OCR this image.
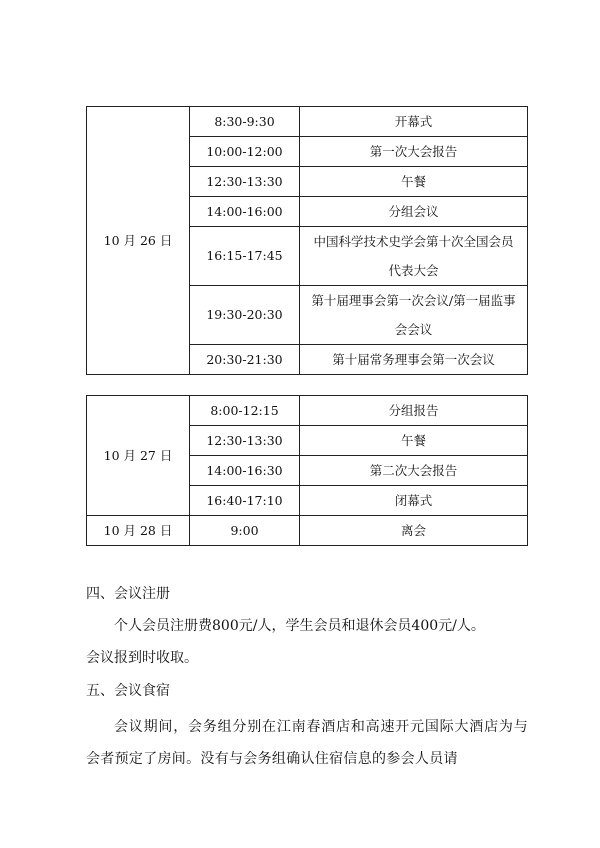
10 月 26 日	8:30-9:30	开幕式
	10:00-12:00	第一次大会报告
	12:30-13:30	午餐
	14:00-16:00	分组会议
	16:15-17:45	中国科学技术史学会第十次全国会员代表大会
	19:30-20:30	第十届理事会第一次会议/第一届监事会会议
	20:30-21:30	第十届常务理事会第一次会议
10 月 27 日	8:00-12:15	分组报告
	12:30-13:30	午餐
	14:00-16:30	第二次大会报告
	16:40-17:10	闭幕式
10 月 28 日	9:00	离会
四、会议注册
个人会员注册费800元/人，学生会员和退休会员400元/人。
会议报到时收取。
五、会议食宿
会议期间，会务组分别在江南春酒店和高速开元国际大酒店为与会者预定了房间。没有与会务组确认住宿信息的参会人员请
